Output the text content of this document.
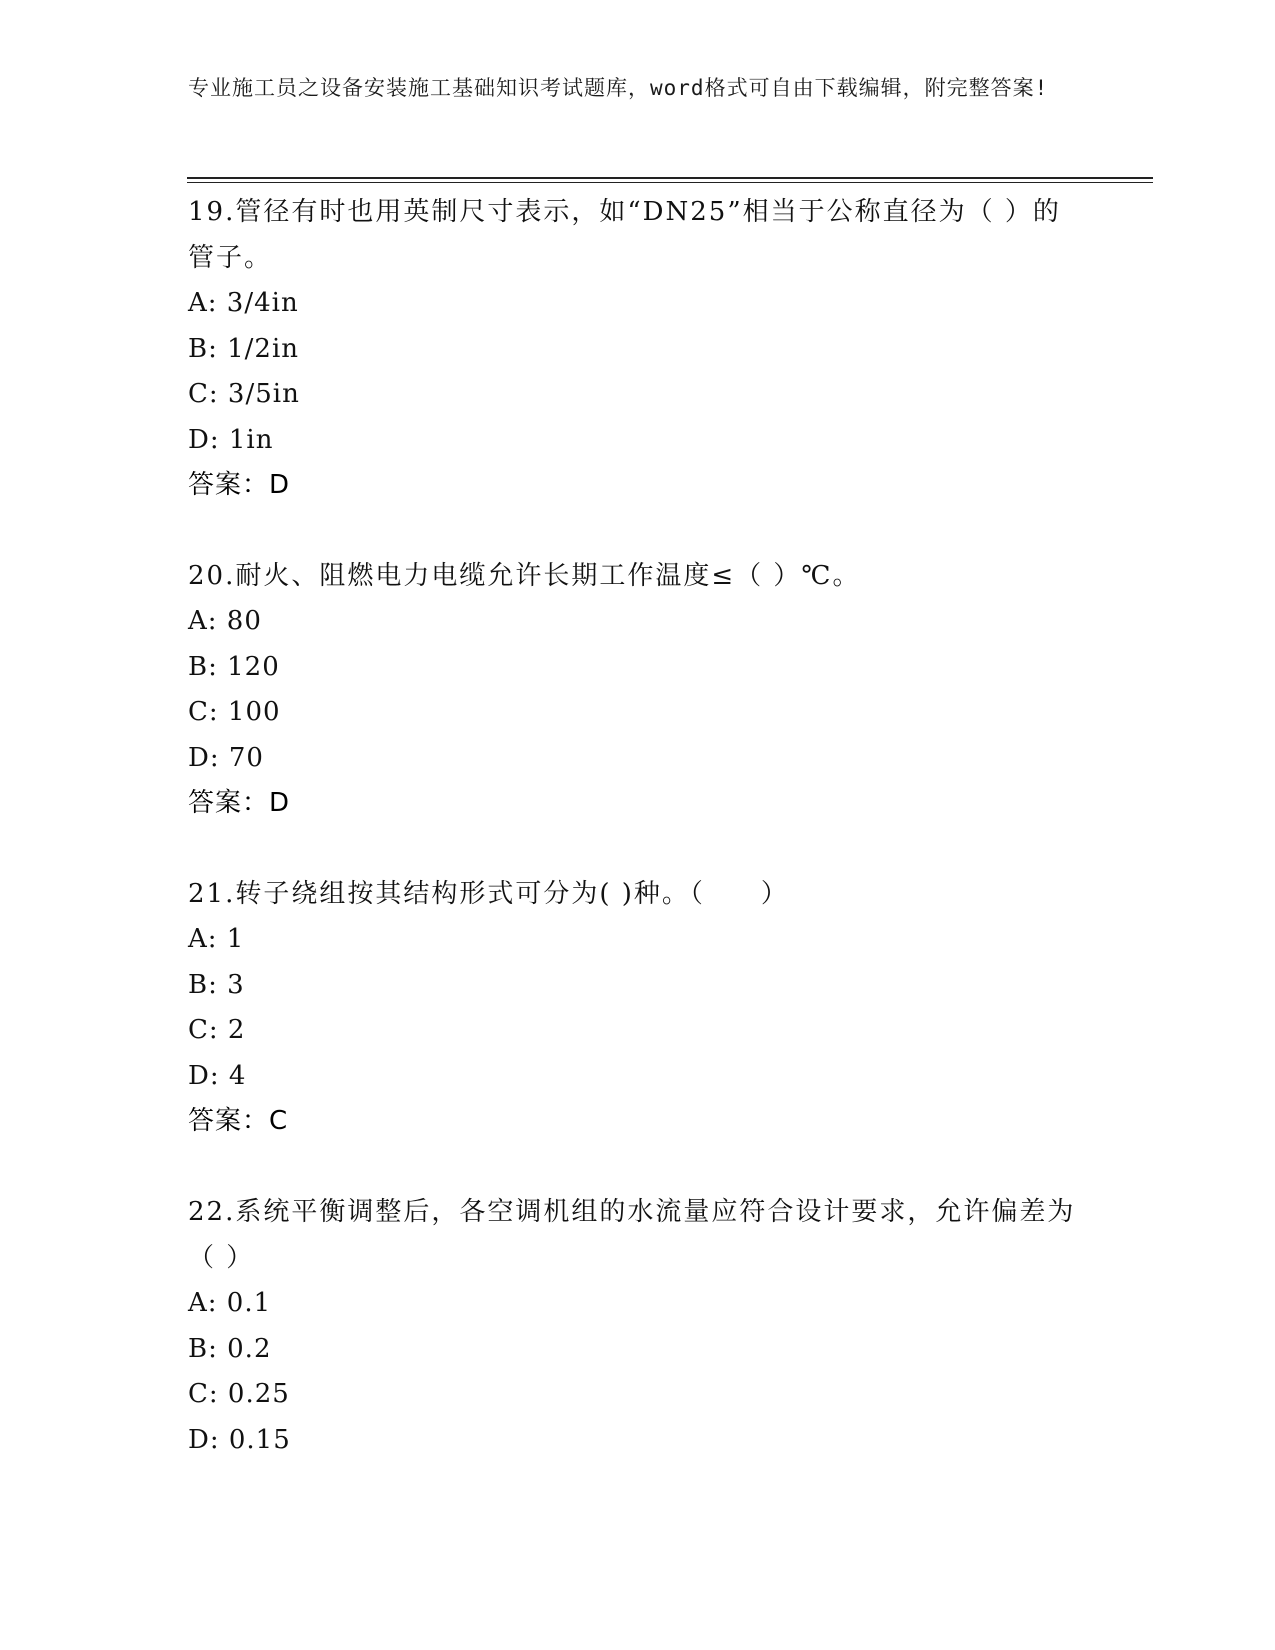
专业施工员之设备安装施工基础知识考试题库，word格式可自由下载编辑，附完整答案!

19.管径有时也用英制尺寸表示，如“DN25”相当于公称直径为（ ）的管子。

A: 3/4in

B: 1/2in

C: 3/5in

D: 1in

答案：D

20.耐火、阻燃电力电缆允许长期工作温度≤（ ）℃。

A: 80

B: 120

C: 100

D: 70

答案：D

21.转子绕组按其结构形式可分为( )种。（　　）

A: 1

B: 3

C: 2

D: 4

答案：C

22.系统平衡调整后，各空调机组的水流量应符合设计要求，允许偏差为（ ）

A: 0.1

B: 0.2

C: 0.25

D: 0.15
